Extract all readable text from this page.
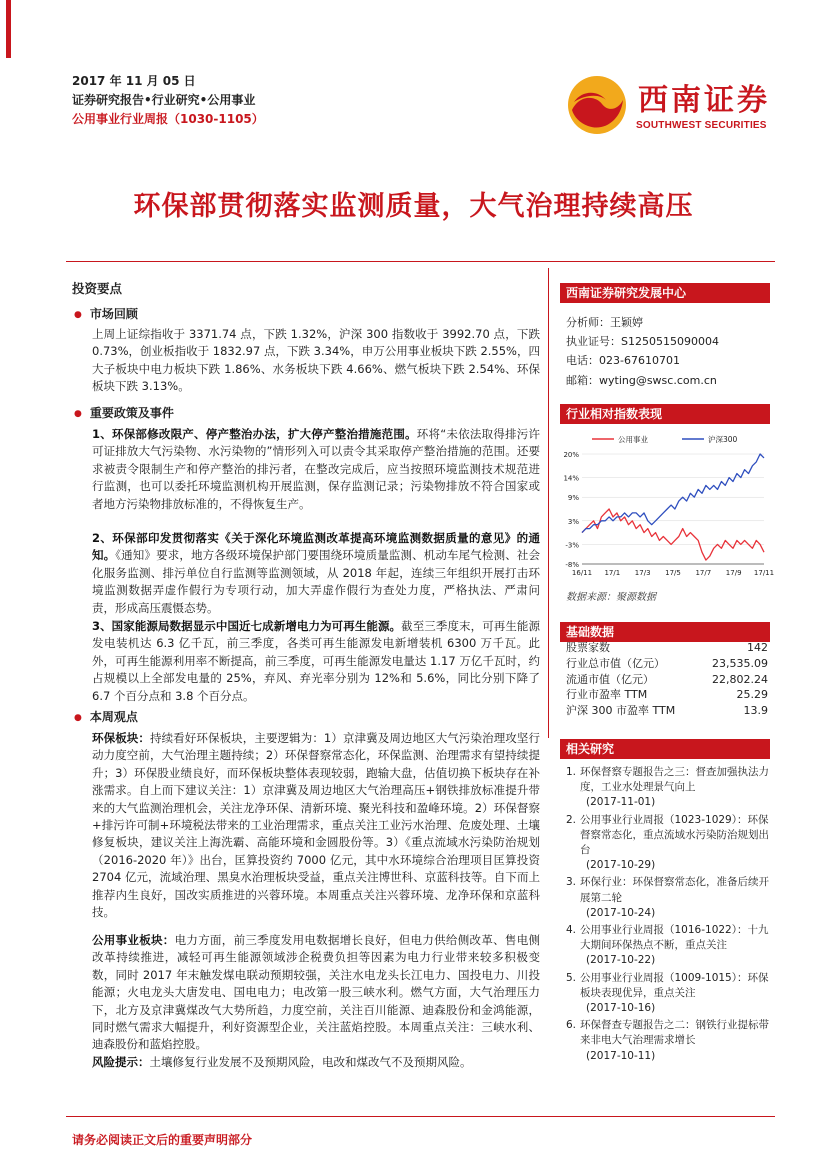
2017 年 11 月 05 日
证券研究报告•行业研究•公用事业
公用事业行业周报（1030-1105）
西南证券
SOUTHWEST SECURITIES
环保部贯彻落实监测质量，大气治理持续高压
投资要点
● 市场回顾
上周上证综指收于 3371.74 点，下跌 1.32%，沪深 300 指数收于 3992.70 点，下跌 0.73%，创业板指收于 1832.97 点，下跌 3.34%，申万公用事业板块下跌 2.55%，四大子板块中电力板块下跌 1.86%、水务板块下跌 4.66%、燃气板块下跌 2.54%、环保板块下跌 3.13%。
● 重要政策及事件
1、环保部修改限产、停产整治办法，扩大停产整治措施范围。环将“未依法取得排污许可证排放大气污染物、水污染物的”情形列入可以责令其采取停产整治措施的范围。还要求被责令限制生产和停产整治的排污者，在整改完成后，应当按照环境监测技术规范进行监测，也可以委托环境监测机构开展监测，保存监测记录；污染物排放不符合国家或者地方污染物排放标准的，不得恢复生产。
2、环保部印发贯彻落实《关于深化环境监测改革提高环境监测数据质量的意见》的通知。《通知》要求，地方各级环境保护部门要围绕环境质量监测、机动车尾气检测、社会化服务监测、排污单位自行监测等监测领域，从 2018 年起，连续三年组织开展打击环境监测数据弄虚作假行为专项行动，加大弄虚作假行为查处力度，严格执法、严肃问责，形成高压震慑态势。
3、国家能源局数据显示中国近七成新增电力为可再生能源。截至三季度末，可再生能源发电装机达 6.3 亿千瓦，前三季度，各类可再生能源发电新增装机 6300 万千瓦。此外，可再生能源利用率不断提高，前三季度，可再生能源发电量达 1.17 万亿千瓦时，约占规模以上全部发电量的 25%，弃风、弃光率分别为 12%和 5.6%，同比分别下降了 6.7 个百分点和 3.8 个百分点。
● 本周观点
环保板块：持续看好环保板块，主要逻辑为：1）京津冀及周边地区大气污染治理攻坚行动力度空前，大气治理主题持续；2）环保督察常态化，环保监测、治理需求有望持续提升；3）环保股业绩良好，而环保板块整体表现较弱，跑输大盘，估值切换下板块存在补涨需求。自上而下建议关注：1）京津冀及周边地区大气治理高压+钢铁排放标准提升带来的大气监测治理机会，关注龙净环保、清新环境、聚光科技和盈峰环境。2）环保督察+排污许可制+环境税法带来的工业治理需求，重点关注工业污水治理、危废处理、土壤修复板块，建议关注上海洗霸、高能环境和金圆股份等。3）《重点流域水污染防治规划（2016-2020 年）》出台，匡算投资约 7000 亿元，其中水环境综合治理项目匡算投资 2704 亿元，流域治理、黑臭水治理板块受益，重点关注博世科、京蓝科技等。自下而上推荐内生良好，国改实质推进的兴蓉环境。本周重点关注兴蓉环境、龙净环保和京蓝科技。
公用事业板块：电力方面，前三季度发用电数据增长良好，但电力供给侧改革、售电侧改革持续推进，减轻可再生能源领域涉企税费负担等因素为电力行业带来较多积极变数，同时 2017 年末触发煤电联动预期较强，关注水电龙头长江电力、国投电力、川投能源；火电龙头大唐发电、国电电力；电改第一股三峡水利。燃气方面，大气治理压力下，北方及京津冀煤改气大势所趋，力度空前，关注百川能源、迪森股份和金鸿能源，同时燃气需求大幅提升，利好资源型企业，关注蓝焰控股。本周重点关注：三峡水利、迪森股份和蓝焰控股。
风险提示：土壤修复行业发展不及预期风险，电改和煤改气不及预期风险。
西南证券研究发展中心
分析师：王颖婷
执业证号：S1250515090004
电话：023-67610701
邮箱：wyting@swsc.com.cn
行业相对指数表现
公用事业	沪深300
20%
14%
9%
3%
-3%
-8%
16/11 17/1 17/3 17/5 17/7 17/9 17/11
数据来源：聚源数据
基础数据
股票家数	142
行业总市值（亿元）	23,535.09
流通市值（亿元）	22,802.24
行业市盈率 TTM	25.29
沪深 300 市盈率 TTM	13.9
相关研究
1. 环保督察专题报告之三：督查加强执法力度，工业水处理景气向上
(2017-11-01)
2. 公用事业行业周报（1023-1029）：环保督察常态化，重点流域水污染防治规划出台
(2017-10-29)
3. 环保行业：环保督察常态化，准备后续开展第二轮
(2017-10-24)
4. 公用事业行业周报（1016-1022）：十九大期间环保热点不断，重点关注
(2017-10-22)
5. 公用事业行业周报（1009-1015）：环保板块表现优异，重点关注
(2017-10-16)
6. 环保督查专题报告之二：钢铁行业提标带来非电大气治理需求增长
(2017-10-11)
请务必阅读正文后的重要声明部分
